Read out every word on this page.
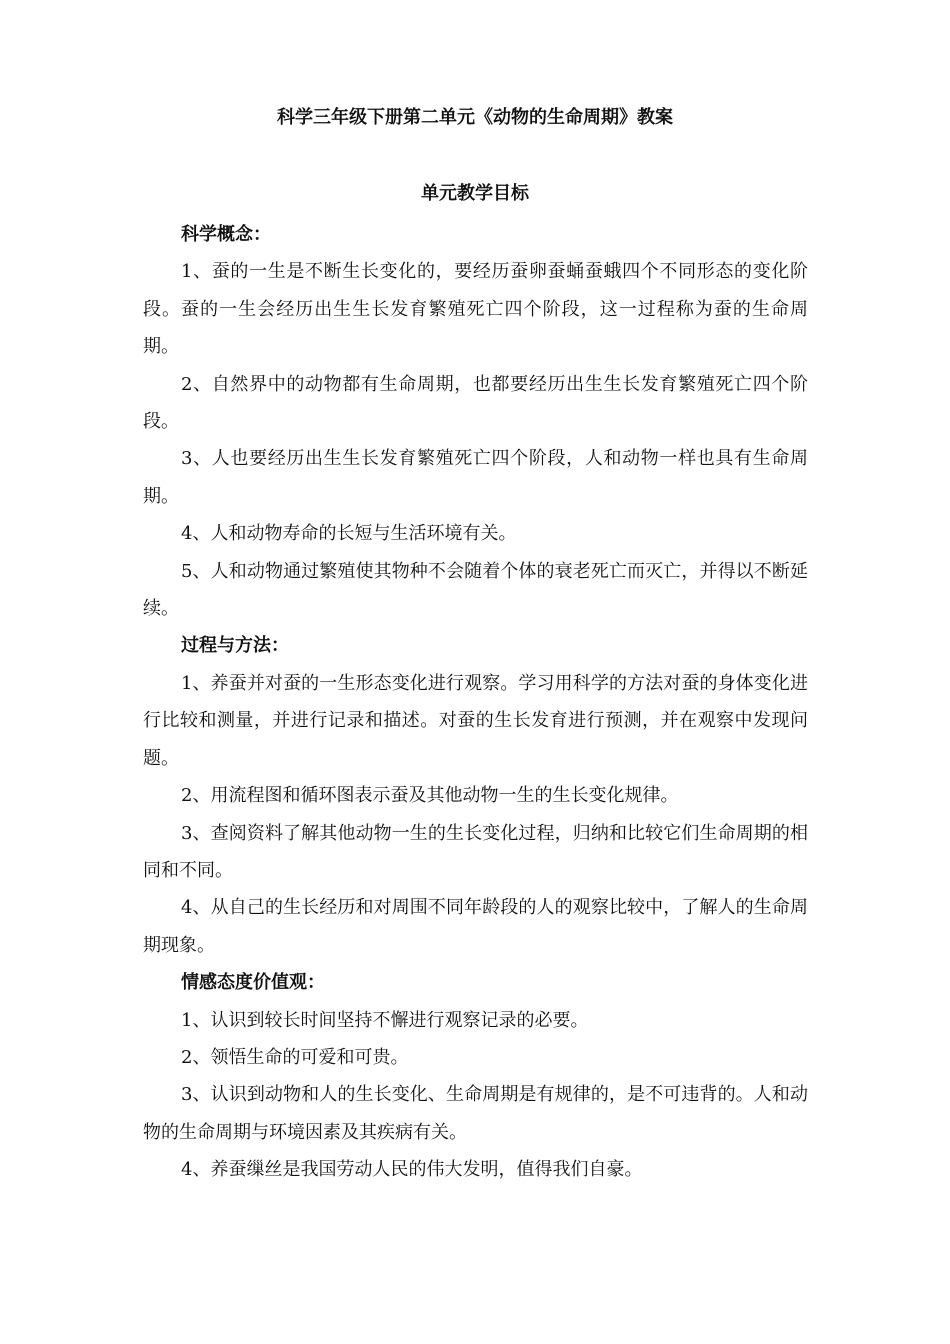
科学三年级下册第二单元《动物的生命周期》教案
单元教学目标

科学概念：

1、蚕的一生是不断生长变化的，要经历蚕卵蚕蛹蚕蛾四个不同形态的变化阶段。蚕的一生会经历出生生长发育繁殖死亡四个阶段，这一过程称为蚕的生命周期。

2、自然界中的动物都有生命周期，也都要经历出生生长发育繁殖死亡四个阶段。

3、人也要经历出生生长发育繁殖死亡四个阶段，人和动物一样也具有生命周期。

4、人和动物寿命的长短与生活环境有关。

5、人和动物通过繁殖使其物种不会随着个体的衰老死亡而灭亡，并得以不断延续。

过程与方法：

1、养蚕并对蚕的一生形态变化进行观察。学习用科学的方法对蚕的身体变化进行比较和测量，并进行记录和描述。对蚕的生长发育进行预测，并在观察中发现问题。

2、用流程图和循环图表示蚕及其他动物一生的生长变化规律。

3、查阅资料了解其他动物一生的生长变化过程，归纳和比较它们生命周期的相同和不同。

4、从自己的生长经历和对周围不同年龄段的人的观察比较中，了解人的生命周期现象。

情感态度价值观：

1、认识到较长时间坚持不懈进行观察记录的必要。

2、领悟生命的可爱和可贵。

3、认识到动物和人的生长变化、生命周期是有规律的，是不可违背的。人和动物的生命周期与环境因素及其疾病有关。

4、养蚕缫丝是我国劳动人民的伟大发明，值得我们自豪。
